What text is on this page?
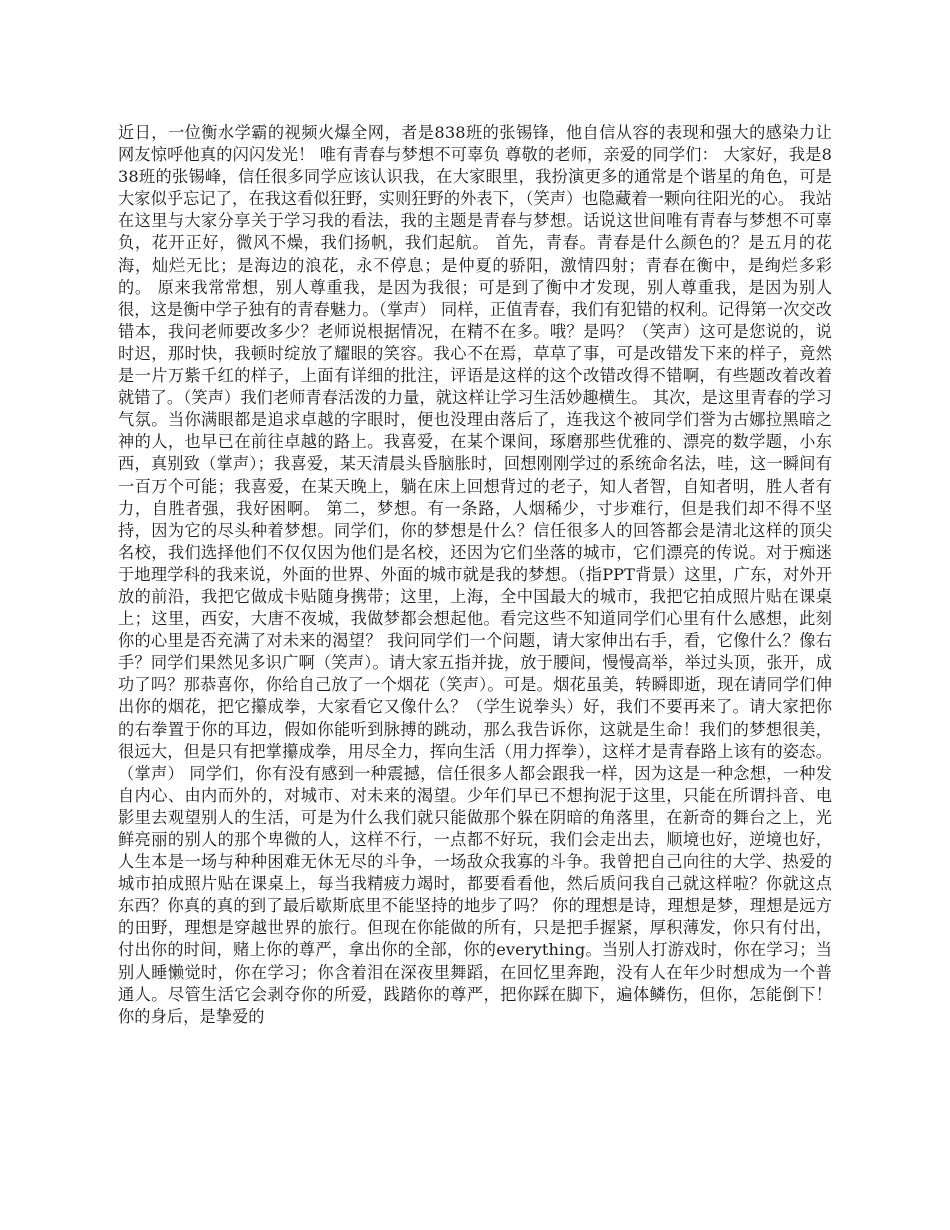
近日，一位衡水学霸的视频火爆全网，者是838班的张锡锋，他自信从容的表现和强大的感染力让网友惊呼他真的闪闪发光！ 唯有青春与梦想不可辜负 尊敬的老师，亲爱的同学们： 大家好，我是838班的张锡峰，信任很多同学应该认识我，在大家眼里，我扮演更多的通常是个谐星的角色，可是大家似乎忘记了，在我这看似狂野，实则狂野的外表下，（笑声）也隐藏着一颗向往阳光的心。 我站在这里与大家分享关于学习我的看法，我的主题是青春与梦想。话说这世间唯有青春与梦想不可辜负，花开正好，微风不燥，我们扬帆，我们起航。 首先，青春。青春是什么颜色的？是五月的花海，灿烂无比；是海边的浪花，永不停息；是仲夏的骄阳，激情四射；青春在衡中，是绚烂多彩的。 原来我常常想，别人尊重我，是因为我很；可是到了衡中才发现，别人尊重我，是因为别人很，这是衡中学子独有的青春魅力。（掌声） 同样，正值青春，我们有犯错的权利。记得第一次交改错本，我问老师要改多少？老师说根据情况，在精不在多。哦？是吗？（笑声）这可是您说的，说时迟，那时快，我顿时绽放了耀眼的笑容。我心不在焉，草草了事，可是改错发下来的样子，竟然是一片万紫千红的样子，上面有详细的批注，评语是这样的这个改错改得不错啊，有些题改着改着就错了。（笑声）我们老师青春活泼的力量，就这样让学习生活妙趣横生。 其次，是这里青春的学习气氛。当你满眼都是追求卓越的字眼时，便也没理由落后了，连我这个被同学们誉为古娜拉黑暗之神的人，也早已在前往卓越的路上。我喜爱，在某个课间，琢磨那些优雅的、漂亮的数学题，小东西，真别致（掌声）；我喜爱，某天清晨头昏脑胀时，回想刚刚学过的系统命名法，哇，这一瞬间有一百万个可能；我喜爱，在某天晚上，躺在床上回想背过的老子，知人者智，自知者明，胜人者有力，自胜者强，我好困啊。 第二，梦想。有一条路，人烟稀少，寸步难行，但是我们却不得不坚持，因为它的尽头种着梦想。同学们，你的梦想是什么？信任很多人的回答都会是清北这样的顶尖名校，我们选择他们不仅仅因为他们是名校，还因为它们坐落的城市，它们漂亮的传说。对于痴迷于地理学科的我来说，外面的世界、外面的城市就是我的梦想。（指PPT背景）这里，广东，对外开放的前沿，我把它做成卡贴随身携带；这里，上海，全中国最大的城市，我把它拍成照片贴在课桌上；这里，西安，大唐不夜城，我做梦都会想起他。看完这些不知道同学们心里有什么感想，此刻你的心里是否充满了对未来的渴望？ 我问同学们一个问题，请大家伸出右手，看，它像什么？像右手？同学们果然见多识广啊（笑声）。请大家五指并拢，放于腰间，慢慢高举，举过头顶，张开，成功了吗？那恭喜你，你给自己放了一个烟花（笑声）。可是。烟花虽美，转瞬即逝，现在请同学们伸出你的烟花，把它攥成拳，大家看它又像什么？（学生说拳头）好，我们不要再来了。请大家把你的右拳置于你的耳边，假如你能听到脉搏的跳动，那么我告诉你，这就是生命！我们的梦想很美，很远大，但是只有把掌攥成拳，用尽全力，挥向生活（用力挥拳），这样才是青春路上该有的姿态。（掌声） 同学们，你有没有感到一种震撼，信任很多人都会跟我一样，因为这是一种念想，一种发自内心、由内而外的，对城市、对未来的渴望。少年们早已不想拘泥于这里，只能在所谓抖音、电影里去观望别人的生活，可是为什么我们就只能做那个躲在阴暗的角落里，在新奇的舞台之上，光鲜亮丽的别人的那个卑微的人，这样不行，一点都不好玩，我们会走出去，顺境也好，逆境也好，人生本是一场与种种困难无休无尽的斗争，一场敌众我寡的斗争。我曾把自己向往的大学、热爱的城市拍成照片贴在课桌上，每当我精疲力竭时，都要看看他，然后质问我自己就这样啦？你就这点东西？你真的真的到了最后歇斯底里不能坚持的地步了吗？ 你的理想是诗，理想是梦，理想是远方的田野，理想是穿越世界的旅行。但现在你能做的所有，只是把手握紧，厚积薄发，你只有付出，付出你的时间，赌上你的尊严，拿出你的全部，你的everything。当别人打游戏时，你在学习；当别人睡懒觉时，你在学习；你含着泪在深夜里舞蹈，在回忆里奔跑，没有人在年少时想成为一个普通人。尽管生活它会剥夺你的所爱，践踏你的尊严，把你踩在脚下，遍体鳞伤，但你，怎能倒下！你的身后，是挚爱的
